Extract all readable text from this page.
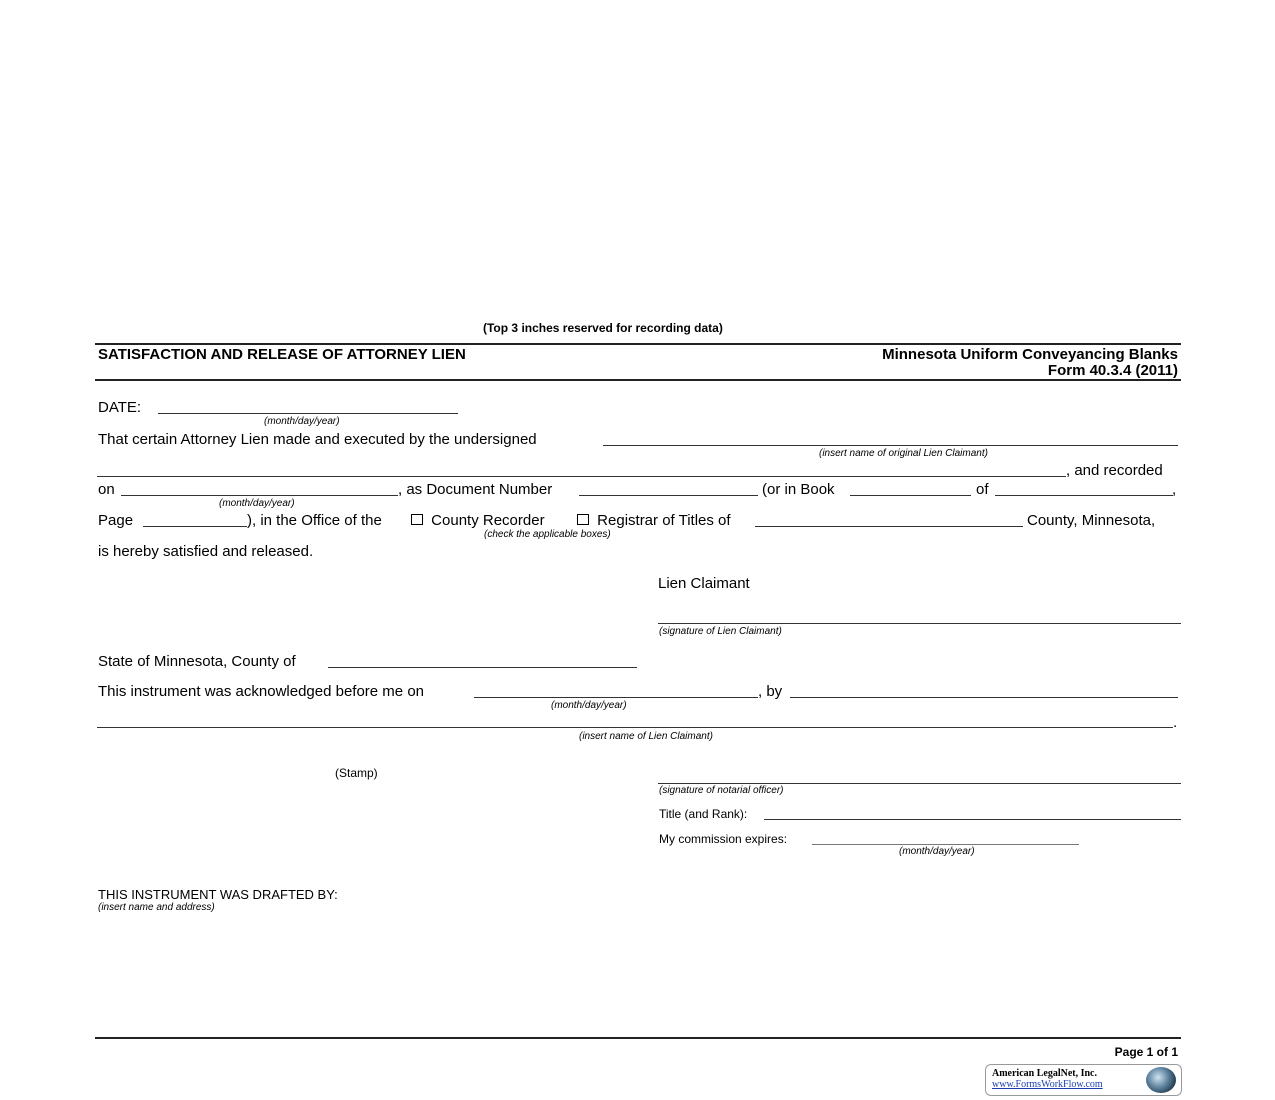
(Top 3 inches reserved for recording data)
SATISFACTION AND RELEASE OF ATTORNEY LIEN	Minnesota Uniform Conveyancing Blanks
Form 40.3.4 (2011)
DATE:
(month/day/year)
That certain Attorney Lien made and executed by the undersigned
(insert name of original Lien Claimant)
, and recorded
on
(month/day/year)
, as Document Number	(or in Book	of	,
Page	), in the Office of the	County Recorder	Registrar of Titles of	County, Minnesota,
(check the applicable boxes)
is hereby satisfied and released.
Lien Claimant
(signature of Lien Claimant)
State of Minnesota, County of
This instrument was acknowledged before me on
(month/day/year)
, by
.
(insert name of Lien Claimant)
(Stamp)
(signature of notarial officer)
Title (and Rank):
My commission expires:
(month/day/year)
THIS INSTRUMENT WAS DRAFTED BY:
(insert name and address)
Page 1 of 1
American LegalNet, Inc.
www.FormsWorkFlow.com
